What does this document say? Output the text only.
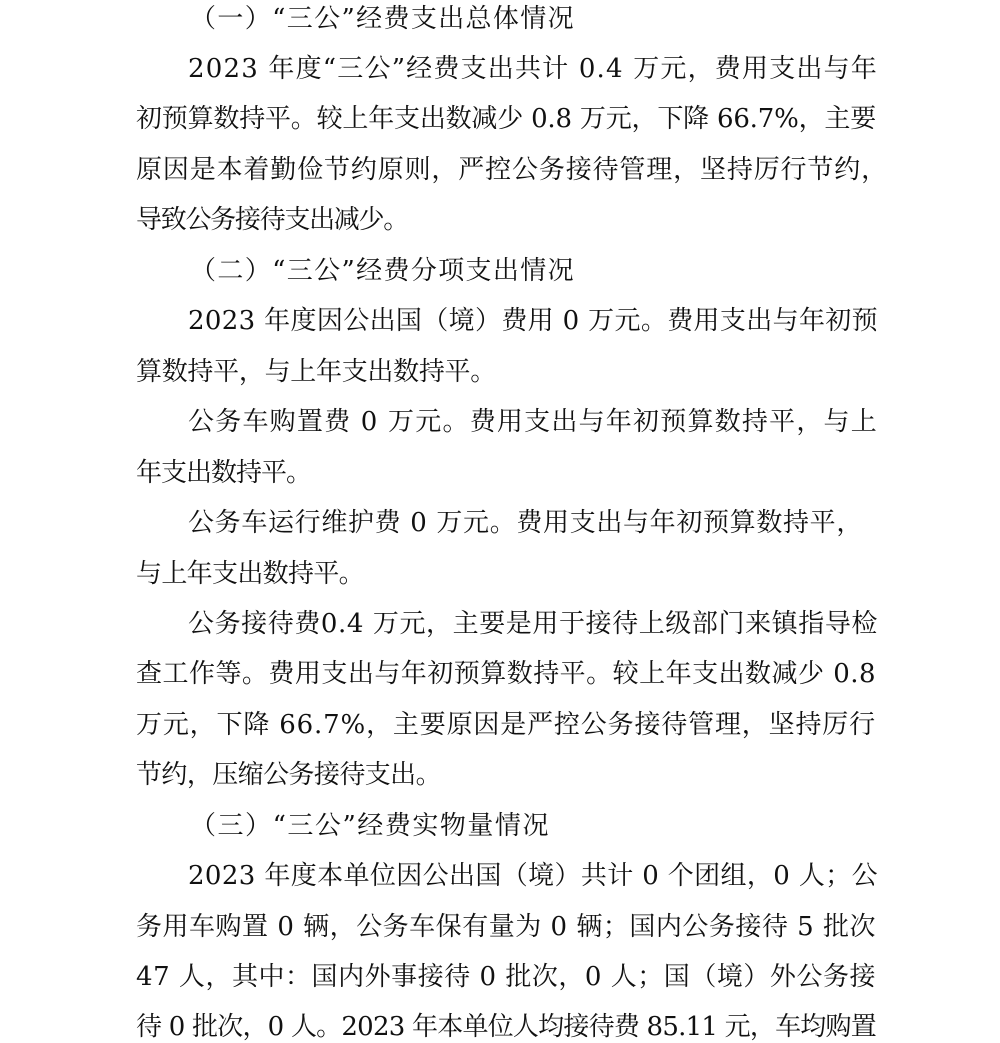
（一）“三公”经费支出总体情况

2023 年度“三公”经费支出共计 0.4 万元，费用支出与年

初预算数持平。较上年支出数减少 0.8 万元，下降 66.7%，主要

原因是本着勤俭节约原则，严控公务接待管理，坚持厉行节约，

导致公务接待支出减少。

（二）“三公”经费分项支出情况

2023 年度因公出国（境）费用 0 万元。费用支出与年初预

算数持平，与上年支出数持平。

公务车购置费 0 万元。费用支出与年初预算数持平，与上

年支出数持平。

公务车运行维护费 0 万元。费用支出与年初预算数持平，

与上年支出数持平。

公务接待费0.4 万元，主要是用于接待上级部门来镇指导检

查工作等。费用支出与年初预算数持平。较上年支出数减少 0.8

万元，下降 66.7%，主要原因是严控公务接待管理，坚持厉行

节约，压缩公务接待支出。

（三）“三公”经费实物量情况

2023 年度本单位因公出国（境）共计 0 个团组，0 人；公

务用车购置 0 辆，公务车保有量为 0 辆；国内公务接待 5 批次

47 人，其中：国内外事接待 0 批次，0 人；国（境）外公务接

待 0 批次，0 人。2023 年本单位人均接待费 85.11 元，车均购置
